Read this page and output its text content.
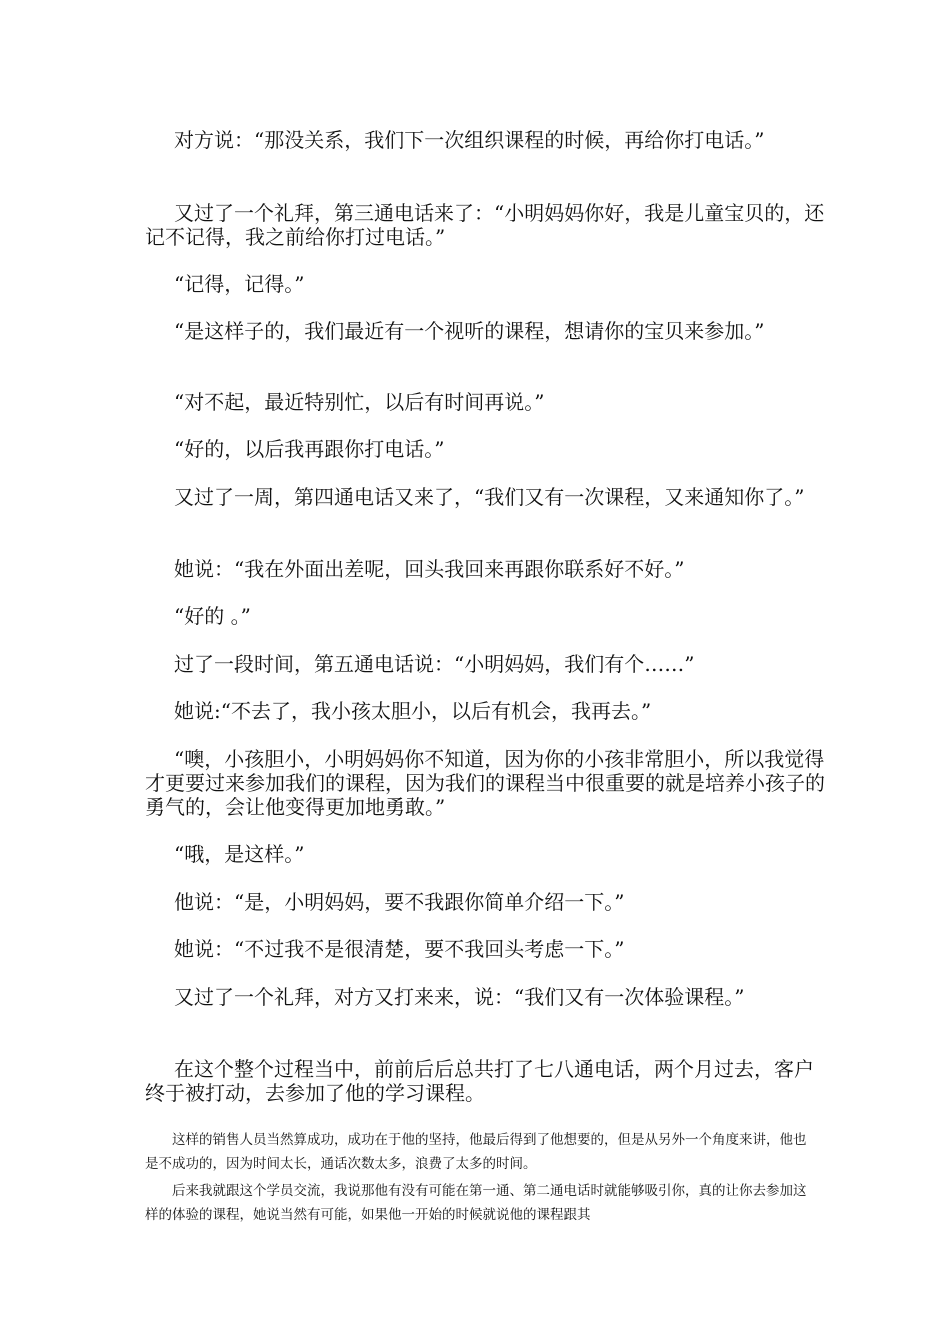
对方说：“那没关系，我们下一次组织课程的时候，再给你打电话。”

又过了一个礼拜，第三通电话来了：“小明妈妈你好，我是儿童宝贝的，还记不记得，我之前给你打过电话。”

“记得，记得。”

“是这样子的，我们最近有一个视听的课程，想请你的宝贝来参加。”

“对不起，最近特别忙，以后有时间再说。”

“好的，以后我再跟你打电话。”

又过了一周，第四通电话又来了，“我们又有一次课程，又来通知你了。”

她说：“我在外面出差呢，回头我回来再跟你联系好不好。”

“好的 。”

过了一段时间，第五通电话说：“小明妈妈，我们有个……”

她说:“不去了，我小孩太胆小，以后有机会，我再去。”

“噢，小孩胆小，小明妈妈你不知道，因为你的小孩非常胆小，所以我觉得才更要过来参加我们的课程，因为我们的课程当中很重要的就是培养小孩子的勇气的，会让他变得更加地勇敢。”

“哦，是这样。”

他说：“是，小明妈妈，要不我跟你简单介绍一下。”

她说：“不过我不是很清楚，要不我回头考虑一下。”

又过了一个礼拜，对方又打来来，说：“我们又有一次体验课程。”

在这个整个过程当中，前前后后总共打了七八通电话，两个月过去，客户终于被打动，去参加了他的学习课程。

这样的销售人员当然算成功，成功在于他的坚持，他最后得到了他想要的，但是从另外一个角度来讲，他也是不成功的，因为时间太长，通话次数太多，浪费了太多的时间。

后来我就跟这个学员交流，我说那他有没有可能在第一通、第二通电话时就能够吸引你，真的让你去参加这样的体验的课程，她说当然有可能，如果他一开始的时候就说他的课程跟其
